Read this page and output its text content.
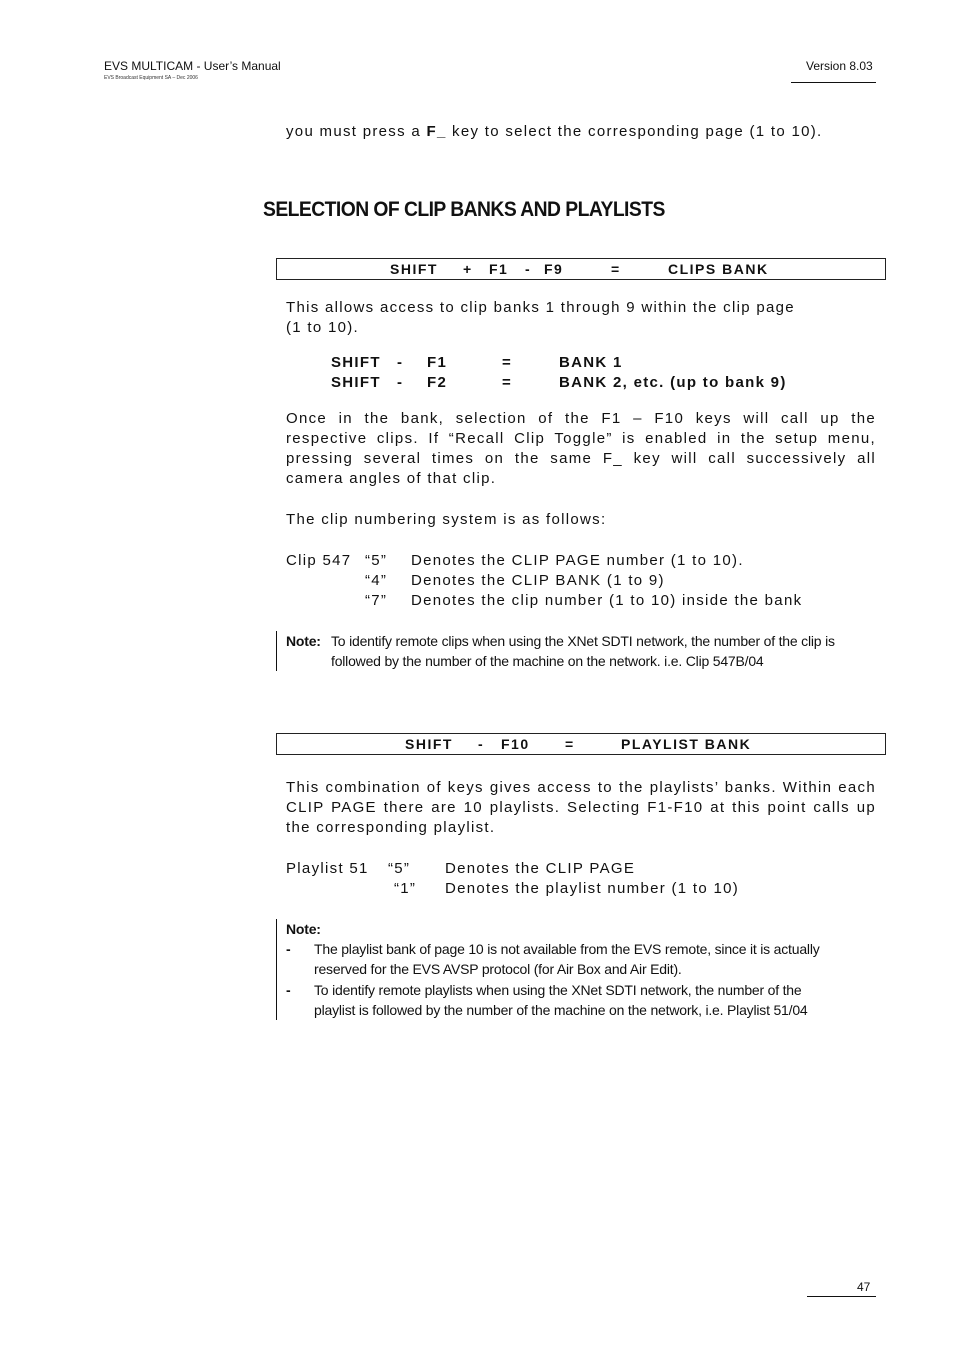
EVS MULTICAM - User’s Manual
EVS Broadcast Equipment SA – Dec 2006
Version 8.03
you must press a F_ key to select the corresponding page (1 to 10).
SELECTION OF CLIP BANKS AND PLAYLISTS
SHIFT + F1 - F9	=	CLIPS BANK
This allows access to clip banks 1 through 9 within the clip page
(1 to 10).
SHIFT - F1	=	BANK 1
SHIFT - F2	=	BANK 2, etc. (up to bank 9)
Once in the bank, selection of the F1 – F10 keys will call up the respective clips. If “Recall Clip Toggle” is enabled in the setup menu, pressing several times on the same F_ key will call successively all camera angles of that clip.
The clip numbering system is as follows:
Clip 547 “5” Denotes the CLIP PAGE number (1 to 10).
“4” Denotes the CLIP BANK (1 to 9)
“7” Denotes the clip number (1 to 10) inside the bank
Note: To identify remote clips when using the XNet SDTI network, the number of the clip is
followed by the number of the machine on the network. i.e. Clip 547B/04
SHIFT - F10	=	PLAYLIST BANK
This combination of keys gives access to the playlists’ banks. Within each CLIP PAGE there are 10 playlists. Selecting F1-F10 at this point calls up the corresponding playlist.
Playlist 51 “5” Denotes the CLIP PAGE
“1” Denotes the playlist number (1 to 10)
Note:
- The playlist bank of page 10 is not available from the EVS remote, since it is actually
reserved for the EVS AVSP protocol (for Air Box and Air Edit).
- To identify remote playlists when using the XNet SDTI network, the number of the
playlist is followed by the number of the machine on the network, i.e. Playlist 51/04
47
